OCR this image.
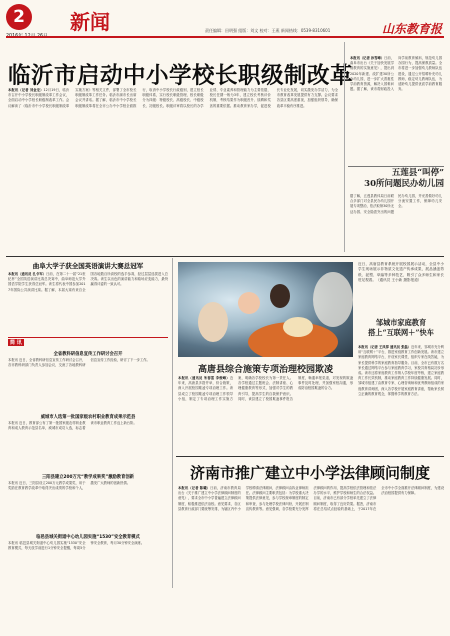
2	新闻	责任编辑：田明强 组版：刘文 校对：王燕 新闻热线：0539-8310601	山东教育报
临沂市启动中小学校长职级制改革
本报讯（记者 刘金龙）12月19日，临沂市召开中小学校长职级制改革工作会议，全面启动中小学校长职级制改革工作。会议解读了《临沂市中小学校长职级制改革实施方案》等相关文件，部署了全市校长职级制改革工作任务。临沂市副市长出席会议并讲话。据了解，临沂市中小学校长职级制改革将在全市公办中小学校全面推行，取消中小学校长行政级别，建立校长职级体系，实行校长职级管理，校长职级分为四级：特级校长、高级校长、中级校长、初级校长。职级评审将以校长的办学业绩、专业素养和管理能力为主要依据，校长任期一般为3年，建立校长考核评价机制，考核结果作为职级晋升、续聘和奖惩的重要依据。推动教育家办学，促进校长专业化发展，切实激发办学活力，为全市教育改革发展提供有力支撑。会议要求各县区要高度重视，加强组织领导，确保改革平稳有序推进。
本报讯（记者 孙雪峰）日前，曲阜市出台《关于加快发展学前教育的实施意见》，提出到2020年新建、改扩建30所公办幼儿园，进一步扩大普惠性学前教育资源，解决入园难问题。据了解，该市将财政投入向学前教育倾斜，规范幼儿园办园行为，提高保教质量。全市将进一步加强幼儿教师队伍建设，通过公开招聘补充幼儿教师，稳定幼儿教师队伍，为适龄幼儿提供优质学前教育服务。
五莲县“叫停”
30所问题民办幼儿园
据了解，五莲县教体局日前联合多部门对全县民办幼儿园开展专项整治，依法取缔30所无证办园、安全隐患突出的问题民办幼儿园，并妥善做好幼儿分流安置工作，保障幼儿安全。
曲阜大学子获全国英语演讲大赛总冠军
本报讯（通讯员 孔令军）日前，在第二十一届“21世纪杯”全国英语演讲比赛总决赛中，曲阜师范大学外国语学院学生获得总冠军。该生将代表中国参加2017年国际公共演讲比赛。据了解，本届大赛有来自全国各地数百所高校的选手参赛，经过层层选拔进入总决赛。该生以出色的演讲能力和临场应变能力，最终赢得评委的一致认可。
简 讯
全省教科研信息宣传工作研讨会召开
本报讯 近日，全省教科研信息宣传工作研讨会召开，各市教科研部门负责人参加会议，交流了各地教科研信息宣传工作经验，研讨了下一步工作。
威城市人选第一批国家级农村职业教育成果示范县
本报讯 近日，教育部公布了第一批国家级农村职业教育和成人教育示范县名单，威城市成功入选，标志着该市职业教育工作迈上新台阶。
三阳县建立200万元“教学成果奖”激励教育创新
本报讯 近日，三阳县设立200万元教学成果奖，用于奖励在教育教学改革中取得突出成绩的学校和个人，激发广大教师的创新热情。
临邑县城关街道中心幼儿园实施“1530”安全教育模式
本报讯 临邑县城关街道中心幼儿园实施“1530”安全教育模式，每天放学前进行1分钟安全提醒，每周5分钟安全教育，每月30分钟安全演练。
近日，高唐县教育系统开展校园展示活动，全县中小学生现场展示非物质文化遗产传承成果，展品涵盖剪纸、泥塑、草编等多种技艺，吸引了众多师生和家长驻足观看。（通讯员 王小新 摄影报道）
邹城市家庭教育
搭上“互联网＋”快车
本报讯（记者 王凤萍 通讯员 张磊）近年来，邹城市充分利用“互联网＋”平台，推进家庭教育工作创新发展。该市建立家庭教育网络平台，开设家长课堂，组织专家在线答疑，为家长提供科学的家庭教育指导服务。目前，全市已有数万名家长通过网络平台参与家庭教育学习，家校共育格局初步形成。该市还将家庭教育工作纳入学校年度考核，建立家庭教育工作长效机制，推动家庭教育工作持续健康发展。同时，邹城市组建了由教育专家、心理咨询师和优秀教师组成的家庭教育讲师团，深入各学校开展家庭教育讲座，帮助家长树立正确的教育观念，掌握科学的教育方法。
高唐县综合施策专项治理校园欺凌
本报讯（通讯员 朱春雷 李俊峰）近年来，高唐县多措并举，综合施策，深入开展校园欺凌专项治理工作。该县成立了校园欺凌专项治理工作领导小组，制定了专项治理工作实施方案，明确各学校校长为第一责任人。各学校通过主题班会、法制讲座、心理健康教育等形式，加强对学生的教育引导，提高学生的自我保护意识。同时，该县建立了校园欺凌事件报告制度，畅通举报渠道，对发现的欺凌事件及时处理，并加强家校沟通，形成防治校园欺凌的合力。
济南市推广建立中小学法律顾问制度
本报讯（记者 陈曦）日前，济南市教育局出台《关于推广建立中小学法律顾问制度的意见》，要求全市中小学普遍建立法律顾问制度，积极推进依法治校。意见要求，各区县教育行政部门要统筹安排，为辖区内中小学校聘请法律顾问，法律顾问由执业律师担任。法律顾问主要职责包括：为学校重大决策提供法律意见，参与学校规章制度的制定和审查，参与处理学校法律纠纷，开展法制宣传教育等。意见强调，各学校要充分发挥法律顾问的作用，提高学校依法管理和依法办学的水平，维护学校和师生的合法权益。目前，济南市已有部分学校率先建立了法律顾问制度，取得了良好效果。据悉，济南市将在总结试点经验的基础上，于2017年在全市中小学全面推开法律顾问制度，为建设法治校园提供有力保障。
